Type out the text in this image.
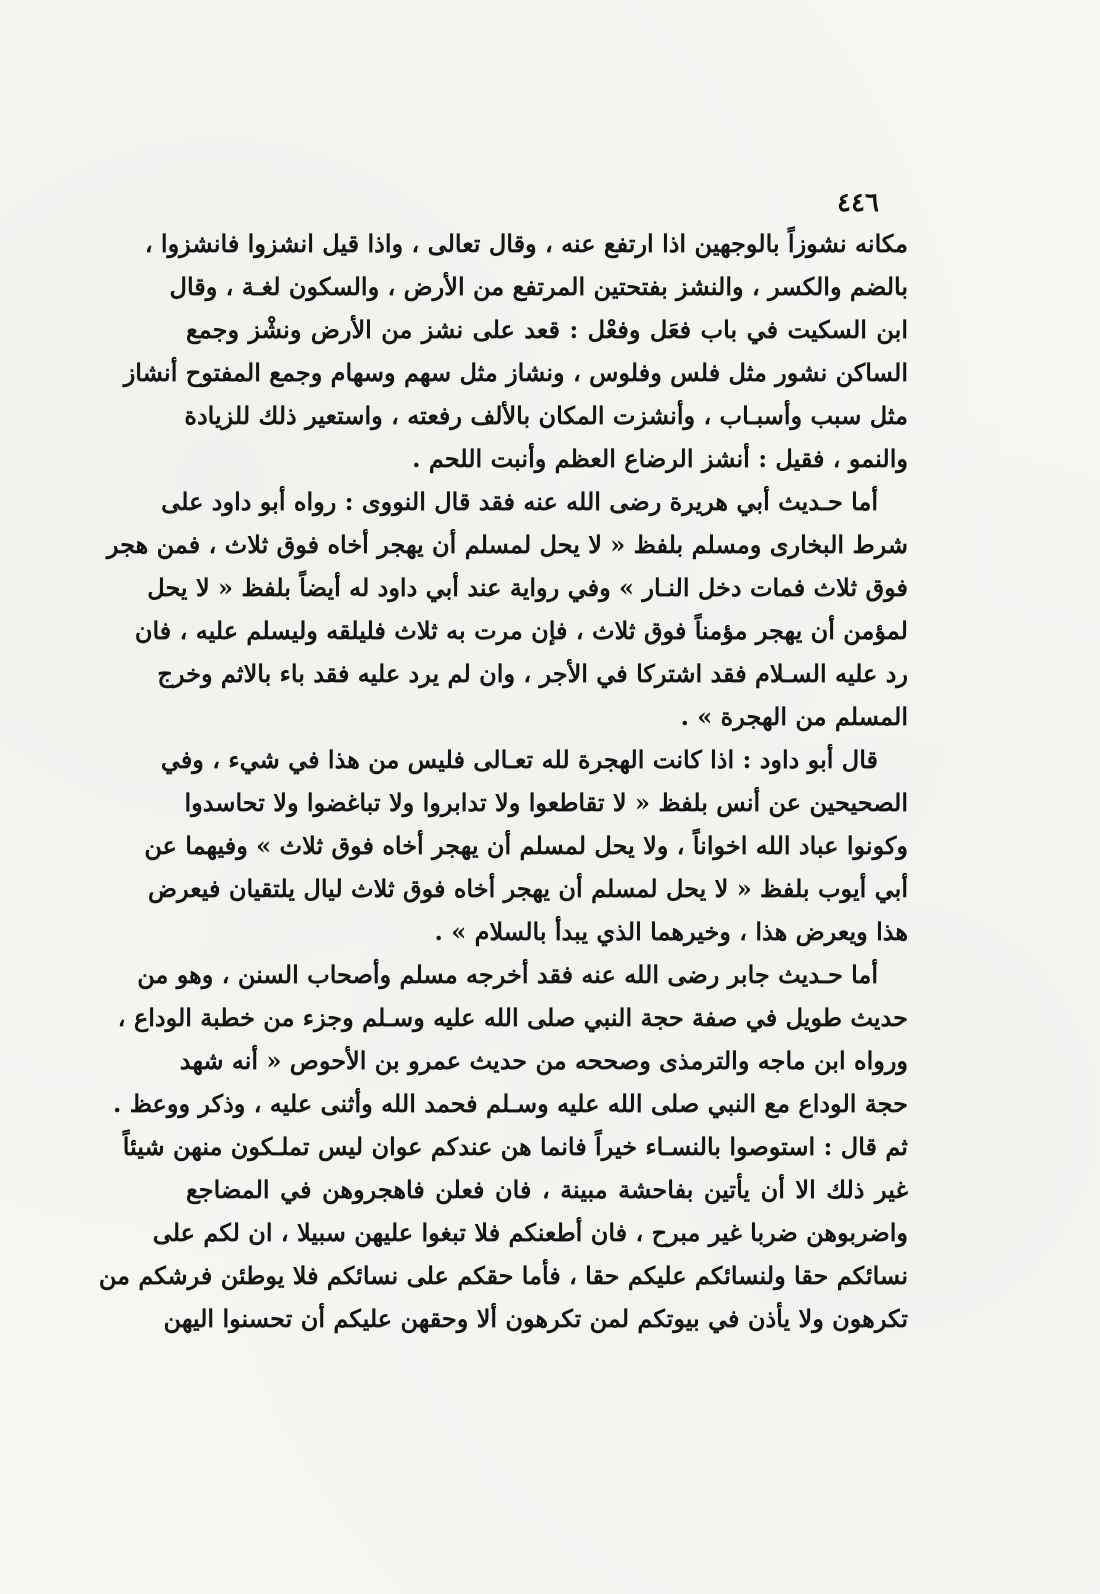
٤٤٦
مكانه نشوزاً بالوجهين اذا ارتفع عنه ، وقال تعالى ، واذا قيل انشزوا فانشزوا ،
بالضم والكسر ، والنشز بفتحتين المرتفع من الأرض ، والسكون لغـة ، وقال
ابن السكيت في باب فعَل وفعْل : قعد على نشز من الأرض ونشْز وجمع
الساكن نشور مثل فلس وفلوس ، ونشاز مثل سهم وسهام وجمع المفتوح أنشاز
مثل سبب وأسبـاب ، وأنشزت المكان بالألف رفعته ، واستعير ذلك للزيادة
والنمو ، فقيل : أنشز الرضاع العظم وأنبت اللحم .
أما حـديث أبي هريرة رضى الله عنه فقد قال النووى : رواه أبو داود على
شرط البخارى ومسلم بلفظ « لا يحل لمسلم أن يهجر أخاه فوق ثلاث ، فمن هجر
فوق ثلاث فمات دخل النـار » وفي رواية عند أبي داود له أيضاً بلفظ « لا يحل
لمؤمن أن يهجر مؤمناً فوق ثلاث ، فإن مرت به ثلاث فليلقه وليسلم عليه ، فان
رد عليه السـلام فقد اشتركا في الأجر ، وان لم يرد عليه فقد باء بالاثم وخرج
المسلم من الهجرة » .
قال أبو داود : اذا كانت الهجرة لله تعـالى فليس من هذا في شيء ، وفي
الصحيحين عن أنس بلفظ « لا تقاطعوا ولا تدابروا ولا تباغضوا ولا تحاسدوا
وكونوا عباد الله اخواناً ، ولا يحل لمسلم أن يهجر أخاه فوق ثلاث » وفيهما عن
أبي أيوب بلفظ « لا يحل لمسلم أن يهجر أخاه فوق ثلاث ليال يلتقيان فيعرض
هذا ويعرض هذا ، وخيرهما الذي يبدأ بالسلام » .
أما حـديث جابر رضى الله عنه فقد أخرجه مسلم وأصحاب السنن ، وهو من
حديث طويل في صفة حجة النبي صلى الله عليه وسـلم وجزء من خطبة الوداع ،
ورواه ابن ماجه والترمذى وصححه من حديث عمرو بن الأحوص « أنه شهد
حجة الوداع مع النبي صلى الله عليه وسـلم فحمد الله وأثنى عليه ، وذكر ووعظ .
ثم قال : استوصوا بالنسـاء خيراً فانما هن عندكم عوان ليس تملـكون منهن شيئاً
غير ذلك الا أن يأتين بفاحشة مبينة ، فان فعلن فاهجروهن في المضاجع
واضربوهن ضربا غير مبرح ، فان أطعنكم فلا تبغوا عليهن سبيلا ، ان لكم على
نسائكم حقا ولنسائكم عليكم حقا ، فأما حقكم على نسائكم فلا يوطئن فرشكم من
تكرهون ولا يأذن في بيوتكم لمن تكرهون ألا وحقهن عليكم أن تحسنوا اليهن
